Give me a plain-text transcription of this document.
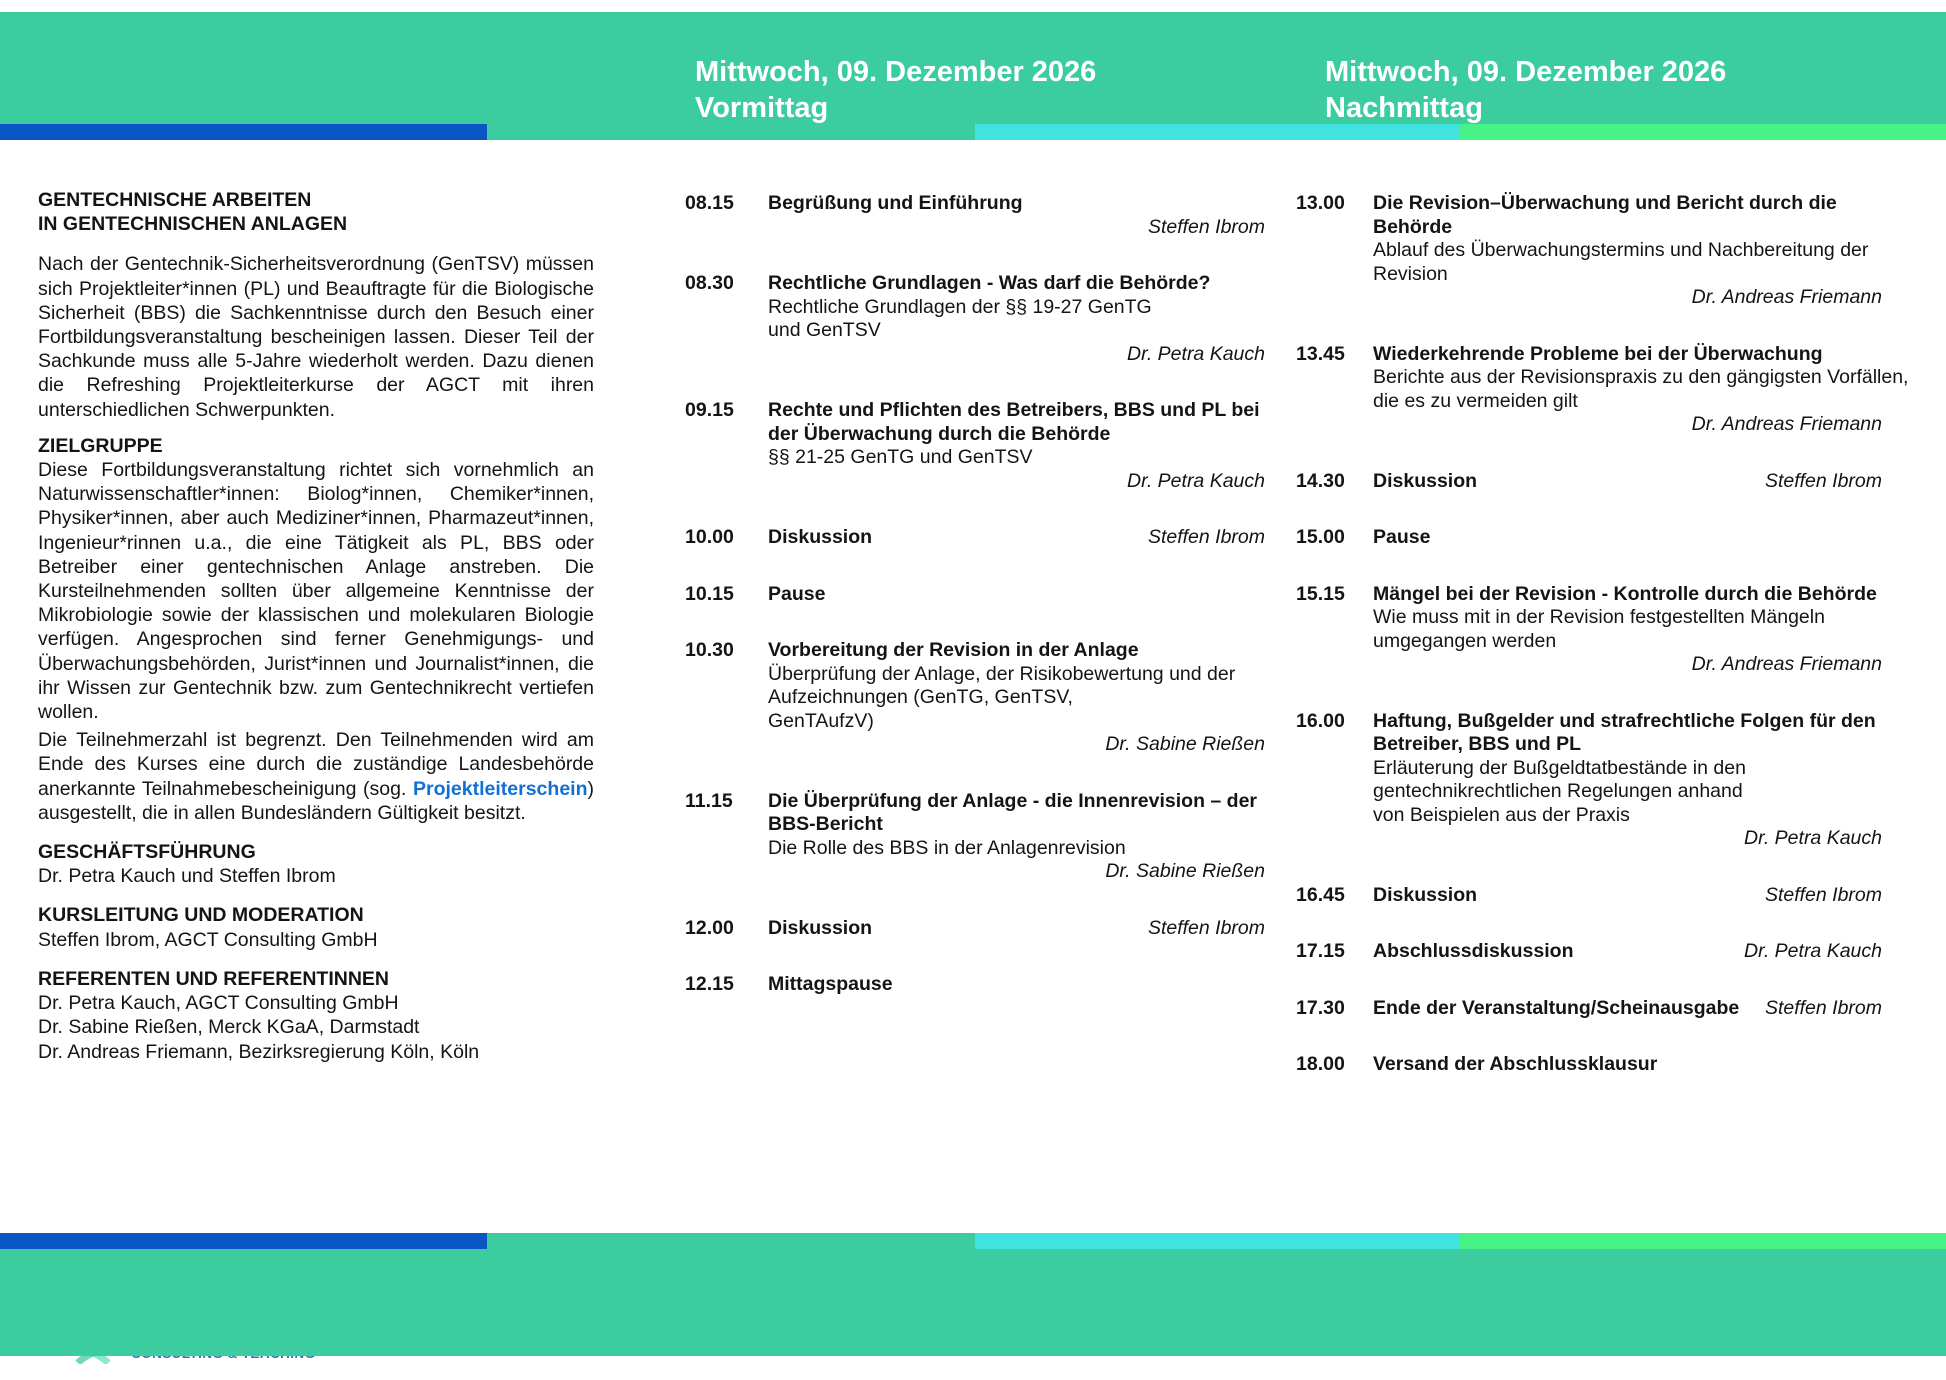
Mittwoch, 09. Dezember 2026
Vormittag
Mittwoch, 09. Dezember 2026
Nachmittag
GENTECHNISCHE ARBEITEN
IN GENTECHNISCHEN ANLAGEN

Nach der Gentechnik-Sicherheitsverordnung (GenTSV) müssen sich Projektleiter*innen (PL) und Beauftragte für die Biologische Sicherheit (BBS) die Sachkenntnisse durch den Besuch einer Fortbildungsveranstaltung bescheinigen lassen. Dieser Teil der Sachkunde muss alle 5-Jahre wiederholt werden. Dazu dienen die Refreshing Projektleiterkurse der AGCT mit ihren unterschiedlichen Schwerpunkten.

ZIELGRUPPE

Diese Fortbildungsveranstaltung richtet sich vornehmlich an Naturwissenschaftler*innen: Biolog*innen, Chemiker*innen, Physiker*innen, aber auch Mediziner*innen, Pharmazeut*innen, Ingenieur*rinnen u.a., die eine Tätigkeit als PL, BBS oder Betreiber einer gentechnischen Anlage anstreben. Die Kursteilnehmenden sollten über allgemeine Kenntnisse der Mikrobiologie sowie der klassischen und molekularen Biologie verfügen. Angesprochen sind ferner Genehmigungs- und Überwachungsbehörden, Jurist*innen und Journalist*innen, die ihr Wissen zur Gentechnik bzw. zum Gentechnikrecht vertiefen wollen.

Die Teilnehmerzahl ist begrenzt. Den Teilnehmenden wird am Ende des Kurses eine durch die zuständige Landesbehörde anerkannte Teilnahmebescheinigung (sog. Projektleiterschein) ausgestellt, die in allen Bundesländern Gültigkeit besitzt.

GESCHÄFTSFÜHRUNG
Dr. Petra Kauch und Steffen Ibrom
KURSLEITUNG UND MODERATION
Steffen Ibrom, AGCT Consulting GmbH
REFERENTEN UND REFERENTINNEN
Dr. Petra Kauch, AGCT Consulting GmbH
Dr. Sabine Rießen, Merck KGaA, Darmstadt
Dr. Andreas Friemann, Bezirksregierung Köln, Köln
08.15	Begrüßung und Einführung
Steffen Ibrom
08.30	Rechtliche Grundlagen - Was darf die Behörde?
Rechtliche Grundlagen der §§ 19-27 GenTG
und GenTSV
Dr. Petra Kauch
09.15	Rechte und Pflichten des Betreibers, BBS und PL bei
der Überwachung durch die Behörde
§§ 21-25 GenTG und GenTSV
Dr. Petra Kauch
10.00	Diskussion	Steffen Ibrom
10.15	Pause
10.30	Vorbereitung der Revision in der Anlage
Überprüfung der Anlage, der Risikobewertung und der
Aufzeichnungen (GenTG, GenTSV,
GenTAufzV)
Dr. Sabine Rießen
11.15	Die Überprüfung der Anlage - die Innenrevision – der
BBS-Bericht
Die Rolle des BBS in der Anlagenrevision
Dr. Sabine Rießen
12.00	Diskussion	Steffen Ibrom
12.15	Mittagspause
13.00	Die Revision–Überwachung und Bericht durch die
Behörde
Ablauf des Überwachungstermins und Nachbereitung der
Revision
Dr. Andreas Friemann
13.45	Wiederkehrende Probleme bei der Überwachung
Berichte aus der Revisionspraxis zu den gängigsten Vorfällen,
die es zu vermeiden gilt
Dr. Andreas Friemann
14.30	Diskussion	Steffen Ibrom
15.00	Pause
15.15	Mängel bei der Revision - Kontrolle durch die Behörde
Wie muss mit in der Revision festgestellten Mängeln
umgegangen werden
Dr. Andreas Friemann
16.00	Haftung, Bußgelder und strafrechtliche Folgen für den
Betreiber, BBS und PL
Erläuterung der Bußgeldtatbestände in den
gentechnikrechtlichen Regelungen anhand
von Beispielen aus der Praxis
Dr. Petra Kauch
16.45	Diskussion	Steffen Ibrom
17.15	Abschlussdiskussion	Dr. Petra Kauch
17.30	Ende der Veranstaltung/Scheinausgabe Steffen Ibrom
18.00	Versand der Abschlussklausur
